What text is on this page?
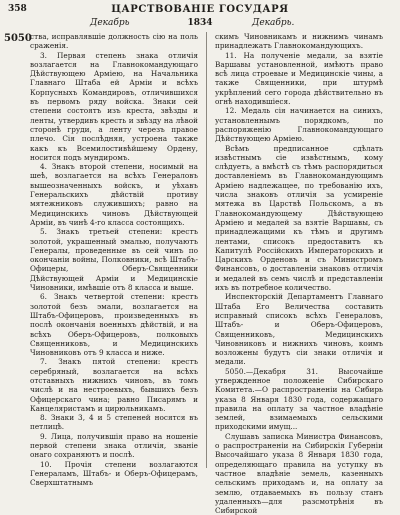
358	ЦАРСТВОВАНIЕ ГОСУДАРЯ
Декабрь	1834	Декабрь.
5050

ства, исправлявшіе должность сію на поль сраженія.

3. Первая степень знака отличія возлагается на Главнокомандующаго Дѣйствующею Арміею, на Начальника Главнаго Штаба ей Арміи и всѣхъ Корпусныхъ Командировъ, отличившихся въ первомъ ряду войска. Знаки сей степени состоятъ изъ креста, звѣзды и ленты, утвердивъ кресть и звѣзду на лѣвой сторонѣ груди, а ленту черезъ правое плечо. Сія послѣдняя, устроена также какъ къ Всемилостивѣйшему Ордену, носится подъ мундиромъ.

4. Знакъ второй степени, носимый на шеѣ, возлагается на всѣхъ Генераловъ вышеозначенныхъ войскъ, и уѣхавъ Генеральскихъ дѣйствій противу мятежниковъ служившихъ; равно на Медицинскихъ чиновъ Дѣйствующей Арміи, въ чинѣ 4-го класса состоящихъ.

5. Знакъ третьей степени: крестъ золотой, украшенный эмалью, получаютъ Генералы, проведенные въ сей чинъ по окончаніи войны, Полковники, всѣ Штабъ-Офицеры, Оберъ-Священники Дѣйствующей Арміи и Медицинскіе Чиновники, имѣвшіе отъ 8 класса и выше.

6. Знакъ четвертой степени: крестъ золотой безъ эмали, возлагается на Штабъ-Офицеровъ, произведенныхъ въ послѣ окончанія военныхъ дѣйствій, и на всѣхъ Оберъ-Офицеровъ, полковыхъ Священниковъ, и Медицинскихъ Чиновниковъ отъ 9 класса и ниже.

7. Знакъ пятой степени: крестъ серебряный, возлагается на всѣхъ отставныхъ нижнихъ чиновъ, въ томъ числѣ и на нестроевыхъ, бывшихъ безъ Офицерскаго чина; равно Писарямъ и Канцеляристамъ и цирюльникамъ.

8. Знаки 3, 4 и 5 степеней носятся въ петлицѣ.

9. Лица, получившія право на ношеніе первой степени знака отличія, званіе онаго сохраняютъ и послѣ.

10. Прочія степени возлагаются Генераламъ, Штабъ- и Оберъ-Офицерамъ, Сверхштатнымъ

скимъ Чиновникамъ и нижнимъ чинамъ принадлежатъ Главнокомандующихъ.

11. На полученіе медали, за взятіе Варшавы установленной, имѣютъ право всѣ лица строевые и Медицинскіе чины, а также Священники, при штурмѣ укрѣплений сего города дѣйствительно въ огнѣ находившіеся.

12. Медаль сія начинается на синихъ, установленнымъ порядкомъ, по распоряженію Главнокомандующаго Дѣйствующею Арміею.

Всѣмъ предписанное сдѣлать извѣстнымъ сіе извѣстнымъ, кому слѣдуетъ, а вмѣстѣ съ тѣмъ распорядиться доставленіемъ въ Главнокомандующимъ Арміею надлежащее, по требованію ихъ, числа знаковъ отличія за усмиреніе мятежа въ Царствѣ Польскомъ, а въ Главнокомандующему Дѣйствующею Арміею и медалей за взятіе Варшавы, съ принадлежащими къ тѣмъ и другимъ лентами, списокъ предоставитъ къ Капитулѣ Россійскихъ Императорскихъ и Царскихъ Орденовъ и съ Министромъ Финансовъ, о доставленіи знаковъ отличія и медалей въ семъ числѣ и представленіи ихъ въ потребное количество.

Инспекторскій Департаментъ Главнаго Штаба Его Величества составить исправный списокъ всѣхъ Генераловъ, Штабъ- и Оберъ-Офицеровъ, Священниковъ, Медицинскихъ Чиновниковъ и нижнихъ чиновъ, коимъ возложены будутъ сіи знаки отличія и медали.

5050.—Декабря 31. Высочайше утвержденное положеніе Сибирскаго Комитета.—О распространеніи на Сибирь указа 8 Января 1830 года, содержащаго правила на оплату за частное владѣніе землей, взимаемыхъ сельскими приходскими имущ...

Слушавъ записка Министра Финансовъ, о распространеніи на Сибирскія Губерніи Высочайшаго указа 8 Января 1830 года, определяющаго правила на уступку въ частное владѣніе земель, казенныхъ сельскимъ приходамъ и, на оплату за землю, отдаваемыхъ въ пользу станъ удаленныхъ—для разсмотрѣнія въ Сибирской
